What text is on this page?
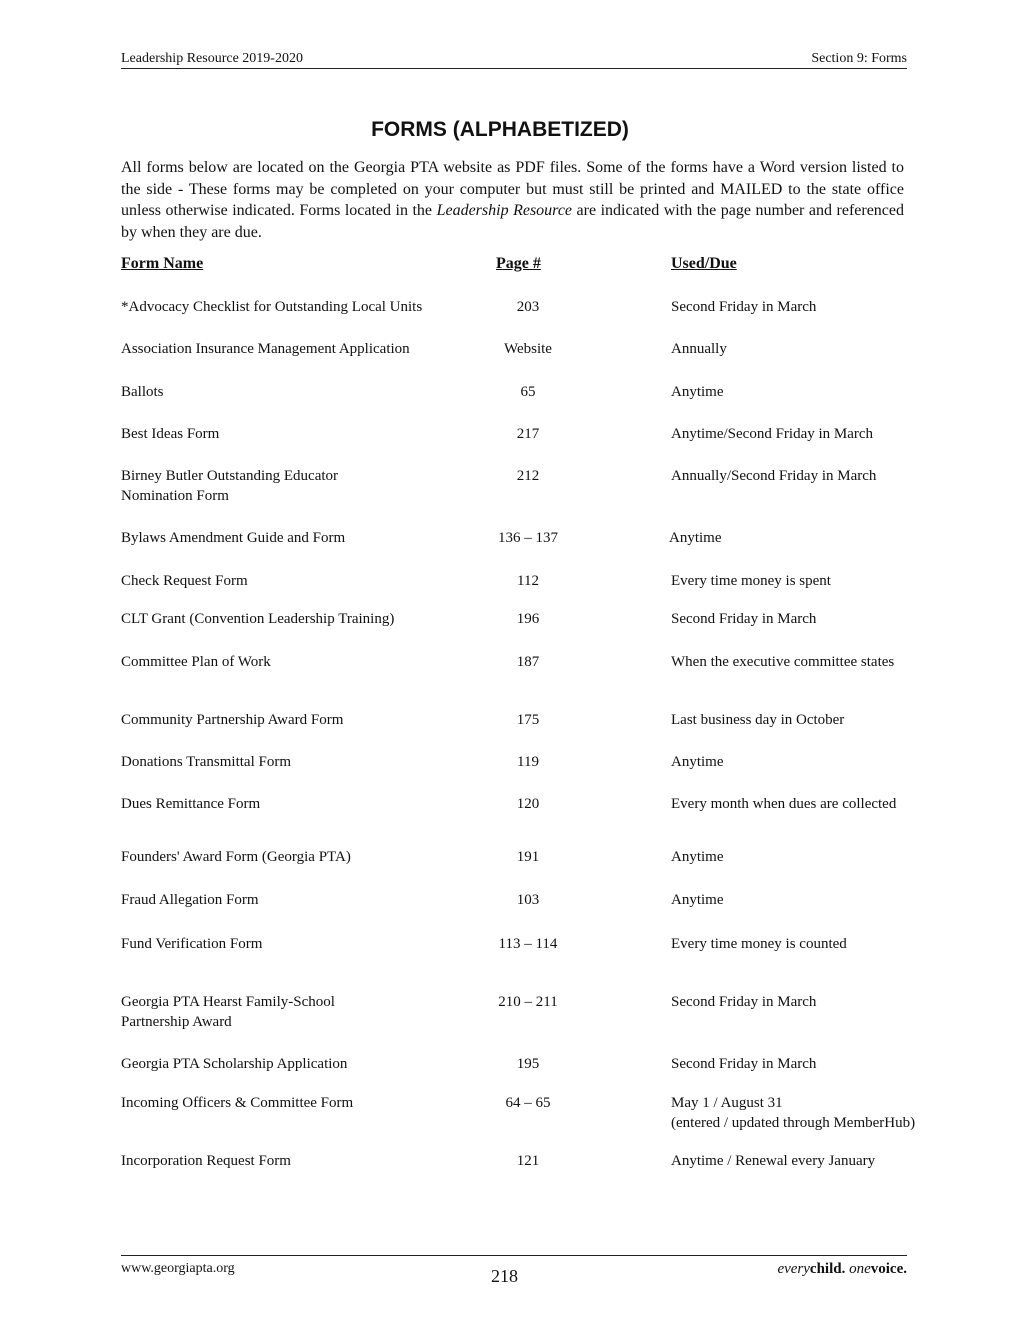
Leadership Resource 2019-2020	Section 9: Forms
FORMS (ALPHABETIZED)
All forms below are located on the Georgia PTA website as PDF files. Some of the forms have a Word version listed to the side - These forms may be completed on your computer but must still be printed and MAILED to the state office unless otherwise indicated. Forms located in the Leadership Resource are indicated with the page number and referenced by when they are due.
Form Name	Page #	Used/Due
*Advocacy Checklist for Outstanding Local Units	203	Second Friday in March
Association Insurance Management Application	Website	Annually
Ballots	65	Anytime
Best Ideas Form	217	Anytime/Second Friday in March
Birney Butler Outstanding Educator
Nomination Form
212	Annually/Second Friday in March
Bylaws Amendment Guide and Form	136 – 137	Anytime
Check Request Form	112	Every time money is spent
CLT Grant (Convention Leadership Training)	196	Second Friday in March
Committee Plan of Work	187	When the executive committee states
Community Partnership Award Form	175	Last business day in October
Donations Transmittal Form	119	Anytime
Dues Remittance Form	120	Every month when dues are collected
Founders' Award Form (Georgia PTA)	191	Anytime
Fraud Allegation Form	103	Anytime
Fund Verification Form	113 – 114	Every time money is counted
Georgia PTA Hearst Family-School
Partnership Award
210 – 211	Second Friday in March
Georgia PTA Scholarship Application	195	Second Friday in March
Incoming Officers & Committee Form	64 – 65	May 1 / August 31
(entered / updated through MemberHub)
Incorporation Request Form	121	Anytime / Renewal every January
www.georgiapta.org	218	everychild. onevoice.
